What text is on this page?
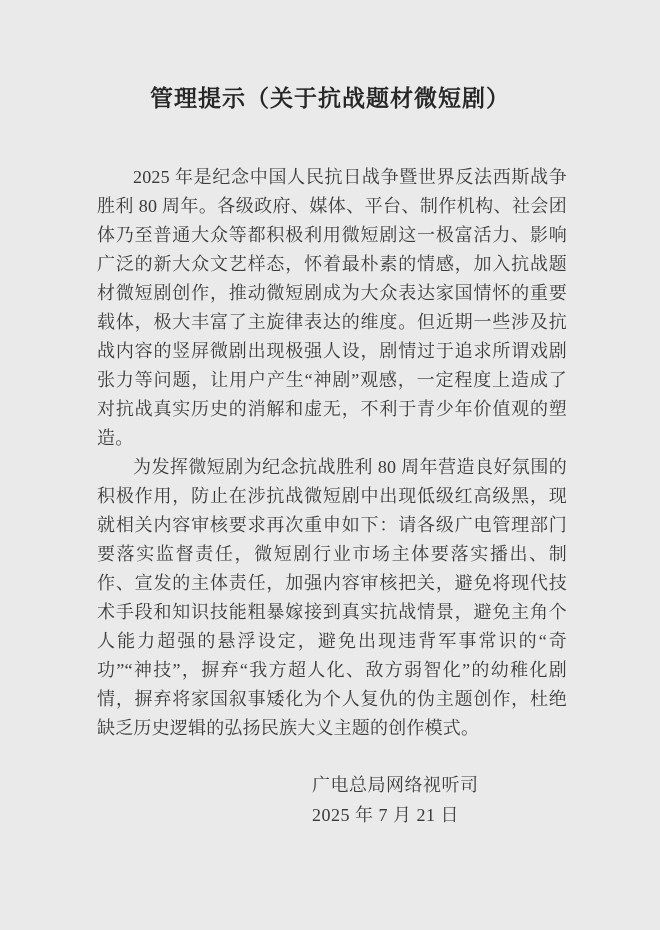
管理提示（关于抗战题材微短剧）

2025 年是纪念中国人民抗日战争暨世界反法西斯战争胜利 80 周年。各级政府、媒体、平台、制作机构、社会团体乃至普通大众等都积极利用微短剧这一极富活力、影响广泛的新大众文艺样态，怀着最朴素的情感，加入抗战题材微短剧创作，推动微短剧成为大众表达家国情怀的重要载体，极大丰富了主旋律表达的维度。但近期一些涉及抗战内容的竖屏微剧出现极强人设，剧情过于追求所谓戏剧张力等问题，让用户产生“神剧”观感，一定程度上造成了对抗战真实历史的消解和虚无，不利于青少年价值观的塑造。

为发挥微短剧为纪念抗战胜利 80 周年营造良好氛围的积极作用，防止在涉抗战微短剧中出现低级红高级黑，现就相关内容审核要求再次重申如下：请各级广电管理部门要落实监督责任，微短剧行业市场主体要落实播出、制作、宣发的主体责任，加强内容审核把关，避免将现代技术手段和知识技能粗暴嫁接到真实抗战情景，避免主角个人能力超强的悬浮设定，避免出现违背军事常识的“奇功”“神技”，摒弃“我方超人化、敌方弱智化”的幼稚化剧情，摒弃将家国叙事矮化为个人复仇的伪主题创作，杜绝缺乏历史逻辑的弘扬民族大义主题的创作模式。

广电总局网络视听司
2025 年 7 月 21 日
